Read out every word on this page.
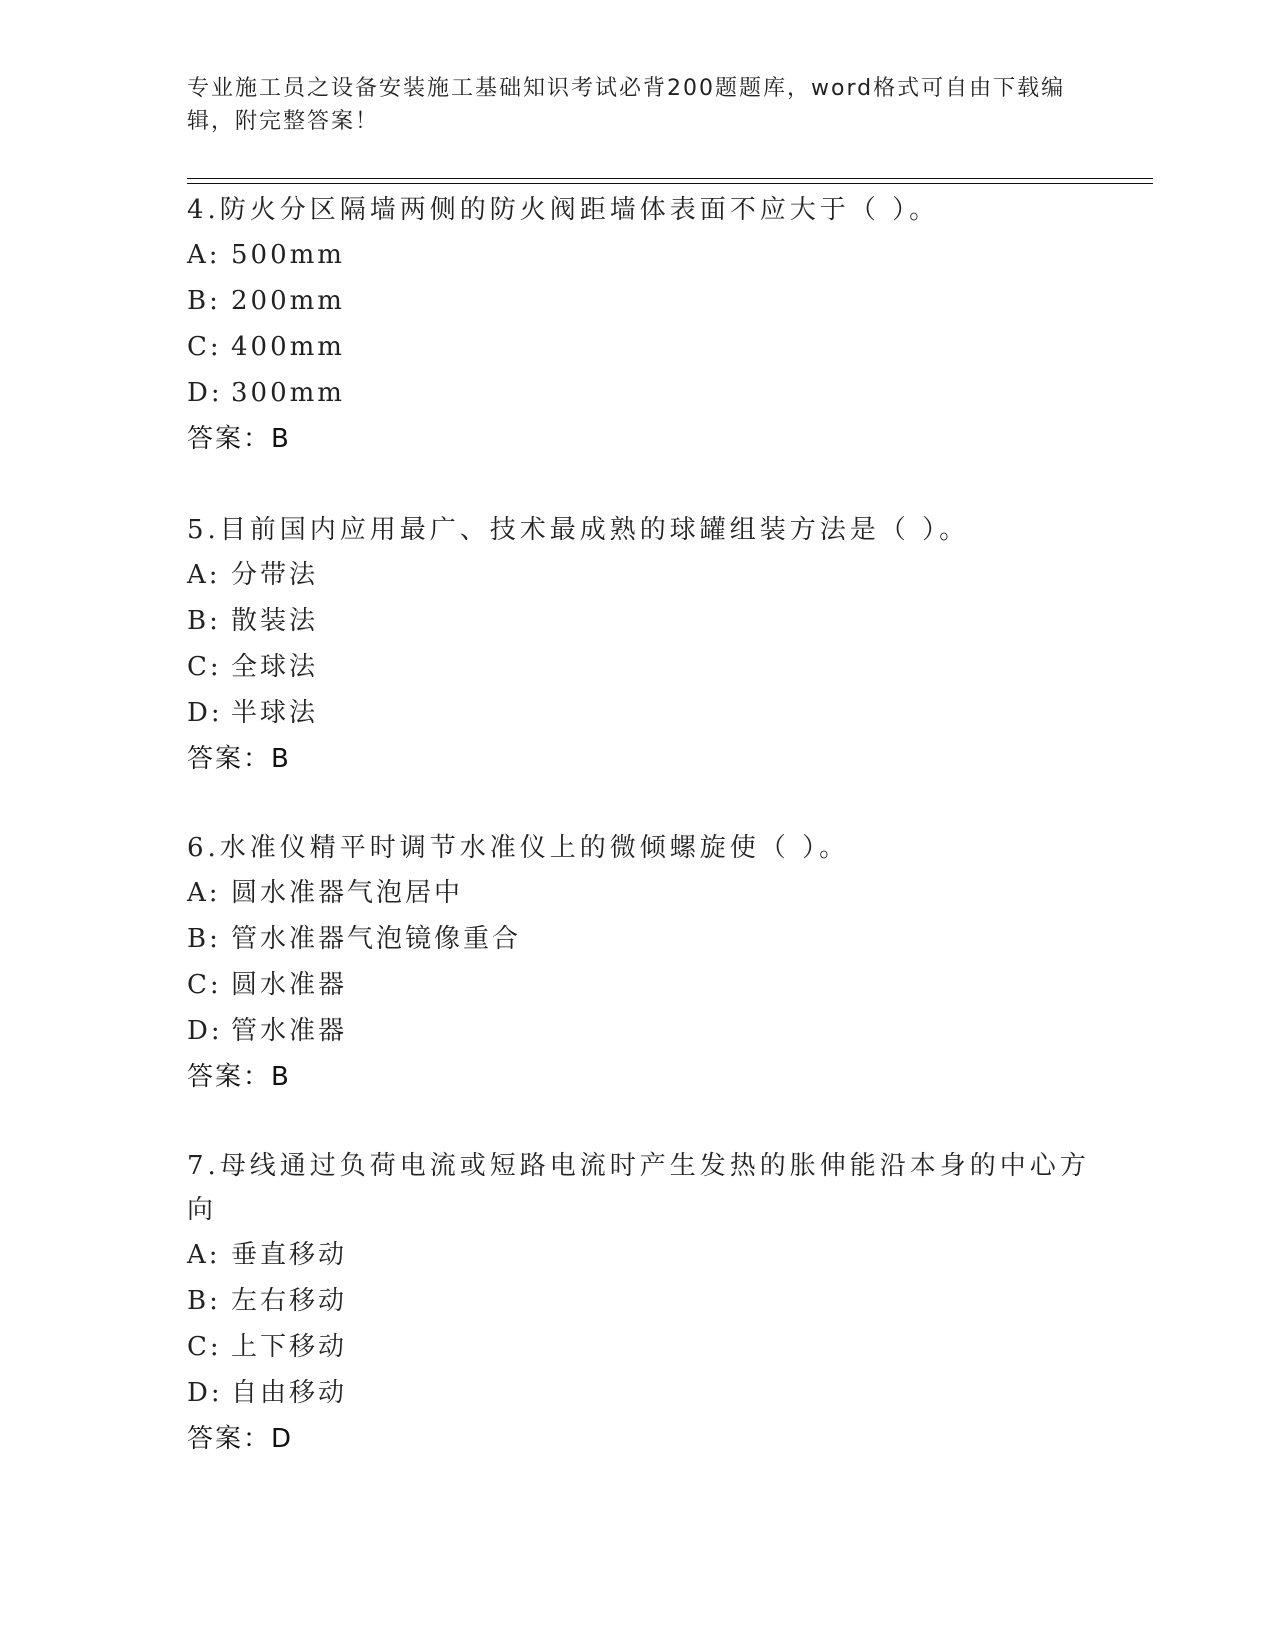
专业施工员之设备安装施工基础知识考试必背200题题库，word格式可自由下载编辑，附完整答案！

4.防火分区隔墙两侧的防火阀距墙体表面不应大于（ ）。

A: 500mm
B: 200mm
C: 400mm
D: 300mm
答案：B

5.目前国内应用最广、技术最成熟的球罐组装方法是（ ）。

A: 分带法
B: 散装法
C: 全球法
D: 半球法
答案：B

6.水准仪精平时调节水准仪上的微倾螺旋使（ ）。

A: 圆水准器气泡居中
B: 管水准器气泡镜像重合
C: 圆水准器
D: 管水准器
答案：B

7.母线通过负荷电流或短路电流时产生发热的胀伸能沿本身的中心方向

A: 垂直移动
B: 左右移动
C: 上下移动
D: 自由移动
答案：D
